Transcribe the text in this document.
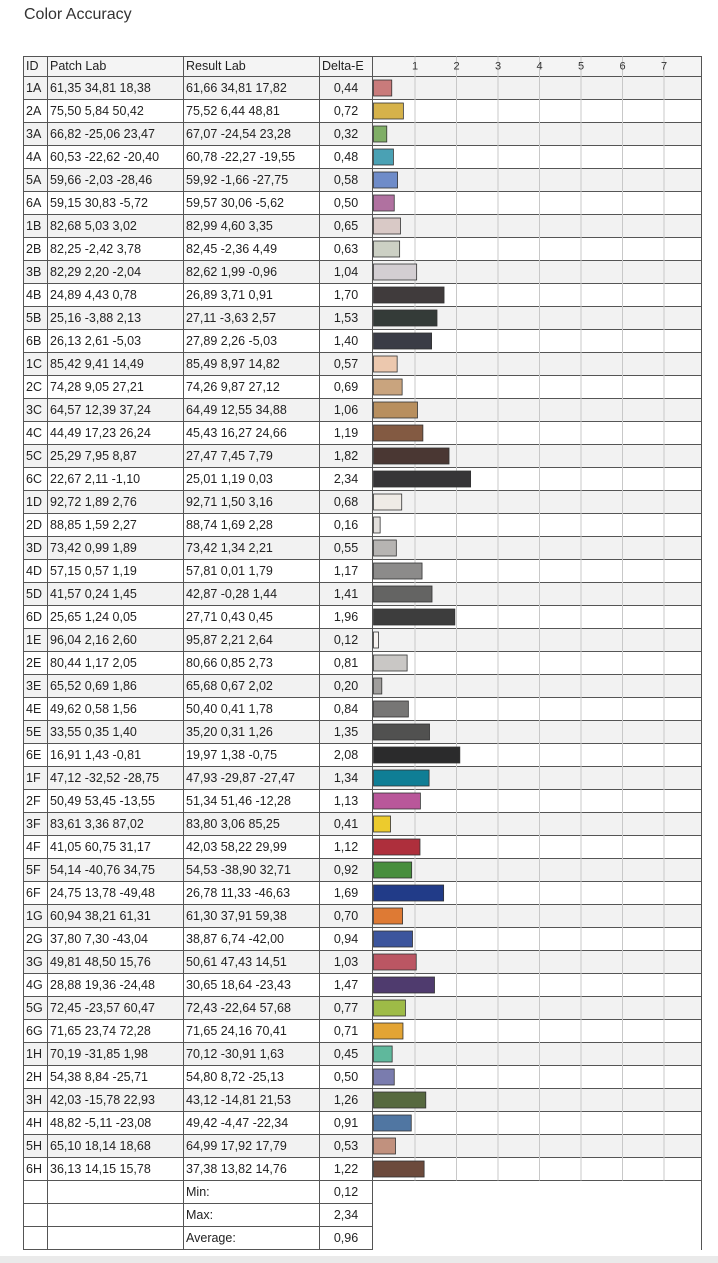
Color Accuracy
ID	Patch Lab	Result Lab	Delta-E	
1A	61,35 34,81 18,38	61,66 34,81 17,82	0,44	
2A	75,50 5,84 50,42	75,52 6,44 48,81	0,72	
3A	66,82 -25,06 23,47	67,07 -24,54 23,28	0,32	
4A	60,53 -22,62 -20,40	60,78 -22,27 -19,55	0,48	
5A	59,66 -2,03 -28,46	59,92 -1,66 -27,75	0,58	
6A	59,15 30,83 -5,72	59,57 30,06 -5,62	0,50	
1B	82,68 5,03 3,02	82,99 4,60 3,35	0,65	
2B	82,25 -2,42 3,78	82,45 -2,36 4,49	0,63	
3B	82,29 2,20 -2,04	82,62 1,99 -0,96	1,04	
4B	24,89 4,43 0,78	26,89 3,71 0,91	1,70	
5B	25,16 -3,88 2,13	27,11 -3,63 2,57	1,53	
6B	26,13 2,61 -5,03	27,89 2,26 -5,03	1,40	
1C	85,42 9,41 14,49	85,49 8,97 14,82	0,57	
2C	74,28 9,05 27,21	74,26 9,87 27,12	0,69	
3C	64,57 12,39 37,24	64,49 12,55 34,88	1,06	
4C	44,49 17,23 26,24	45,43 16,27 24,66	1,19	
5C	25,29 7,95 8,87	27,47 7,45 7,79	1,82	
6C	22,67 2,11 -1,10	25,01 1,19 0,03	2,34	
1D	92,72 1,89 2,76	92,71 1,50 3,16	0,68	
2D	88,85 1,59 2,27	88,74 1,69 2,28	0,16	
3D	73,42 0,99 1,89	73,42 1,34 2,21	0,55	
4D	57,15 0,57 1,19	57,81 0,01 1,79	1,17	
5D	41,57 0,24 1,45	42,87 -0,28 1,44	1,41	
6D	25,65 1,24 0,05	27,71 0,43 0,45	1,96	
1E	96,04 2,16 2,60	95,87 2,21 2,64	0,12	
2E	80,44 1,17 2,05	80,66 0,85 2,73	0,81	
3E	65,52 0,69 1,86	65,68 0,67 2,02	0,20	
4E	49,62 0,58 1,56	50,40 0,41 1,78	0,84	
5E	33,55 0,35 1,40	35,20 0,31 1,26	1,35	
6E	16,91 1,43 -0,81	19,97 1,38 -0,75	2,08	
1F	47,12 -32,52 -28,75	47,93 -29,87 -27,47	1,34	
2F	50,49 53,45 -13,55	51,34 51,46 -12,28	1,13	
3F	83,61 3,36 87,02	83,80 3,06 85,25	0,41	
4F	41,05 60,75 31,17	42,03 58,22 29,99	1,12	
5F	54,14 -40,76 34,75	54,53 -38,90 32,71	0,92	
6F	24,75 13,78 -49,48	26,78 11,33 -46,63	1,69	
1G	60,94 38,21 61,31	61,30 37,91 59,38	0,70	
2G	37,80 7,30 -43,04	38,87 6,74 -42,00	0,94	
3G	49,81 48,50 15,76	50,61 47,43 14,51	1,03	
4G	28,88 19,36 -24,48	30,65 18,64 -23,43	1,47	
5G	72,45 -23,57 60,47	72,43 -22,64 57,68	0,77	
6G	71,65 23,74 72,28	71,65 24,16 70,41	0,71	
1H	70,19 -31,85 1,98	70,12 -30,91 1,63	0,45	
2H	54,38 8,84 -25,71	54,80 8,72 -25,13	0,50	
3H	42,03 -15,78 22,93	43,12 -14,81 21,53	1,26	
4H	48,82 -5,11 -23,08	49,42 -4,47 -22,34	0,91	
5H	65,10 18,14 18,68	64,99 17,92 17,79	0,53	
6H	36,13 14,15 15,78	37,38 13,82 14,76	1,22	
		Min:	0,12	
		Max:	2,34	
		Average:	0,96	
1	2	3	4	5	6	7
